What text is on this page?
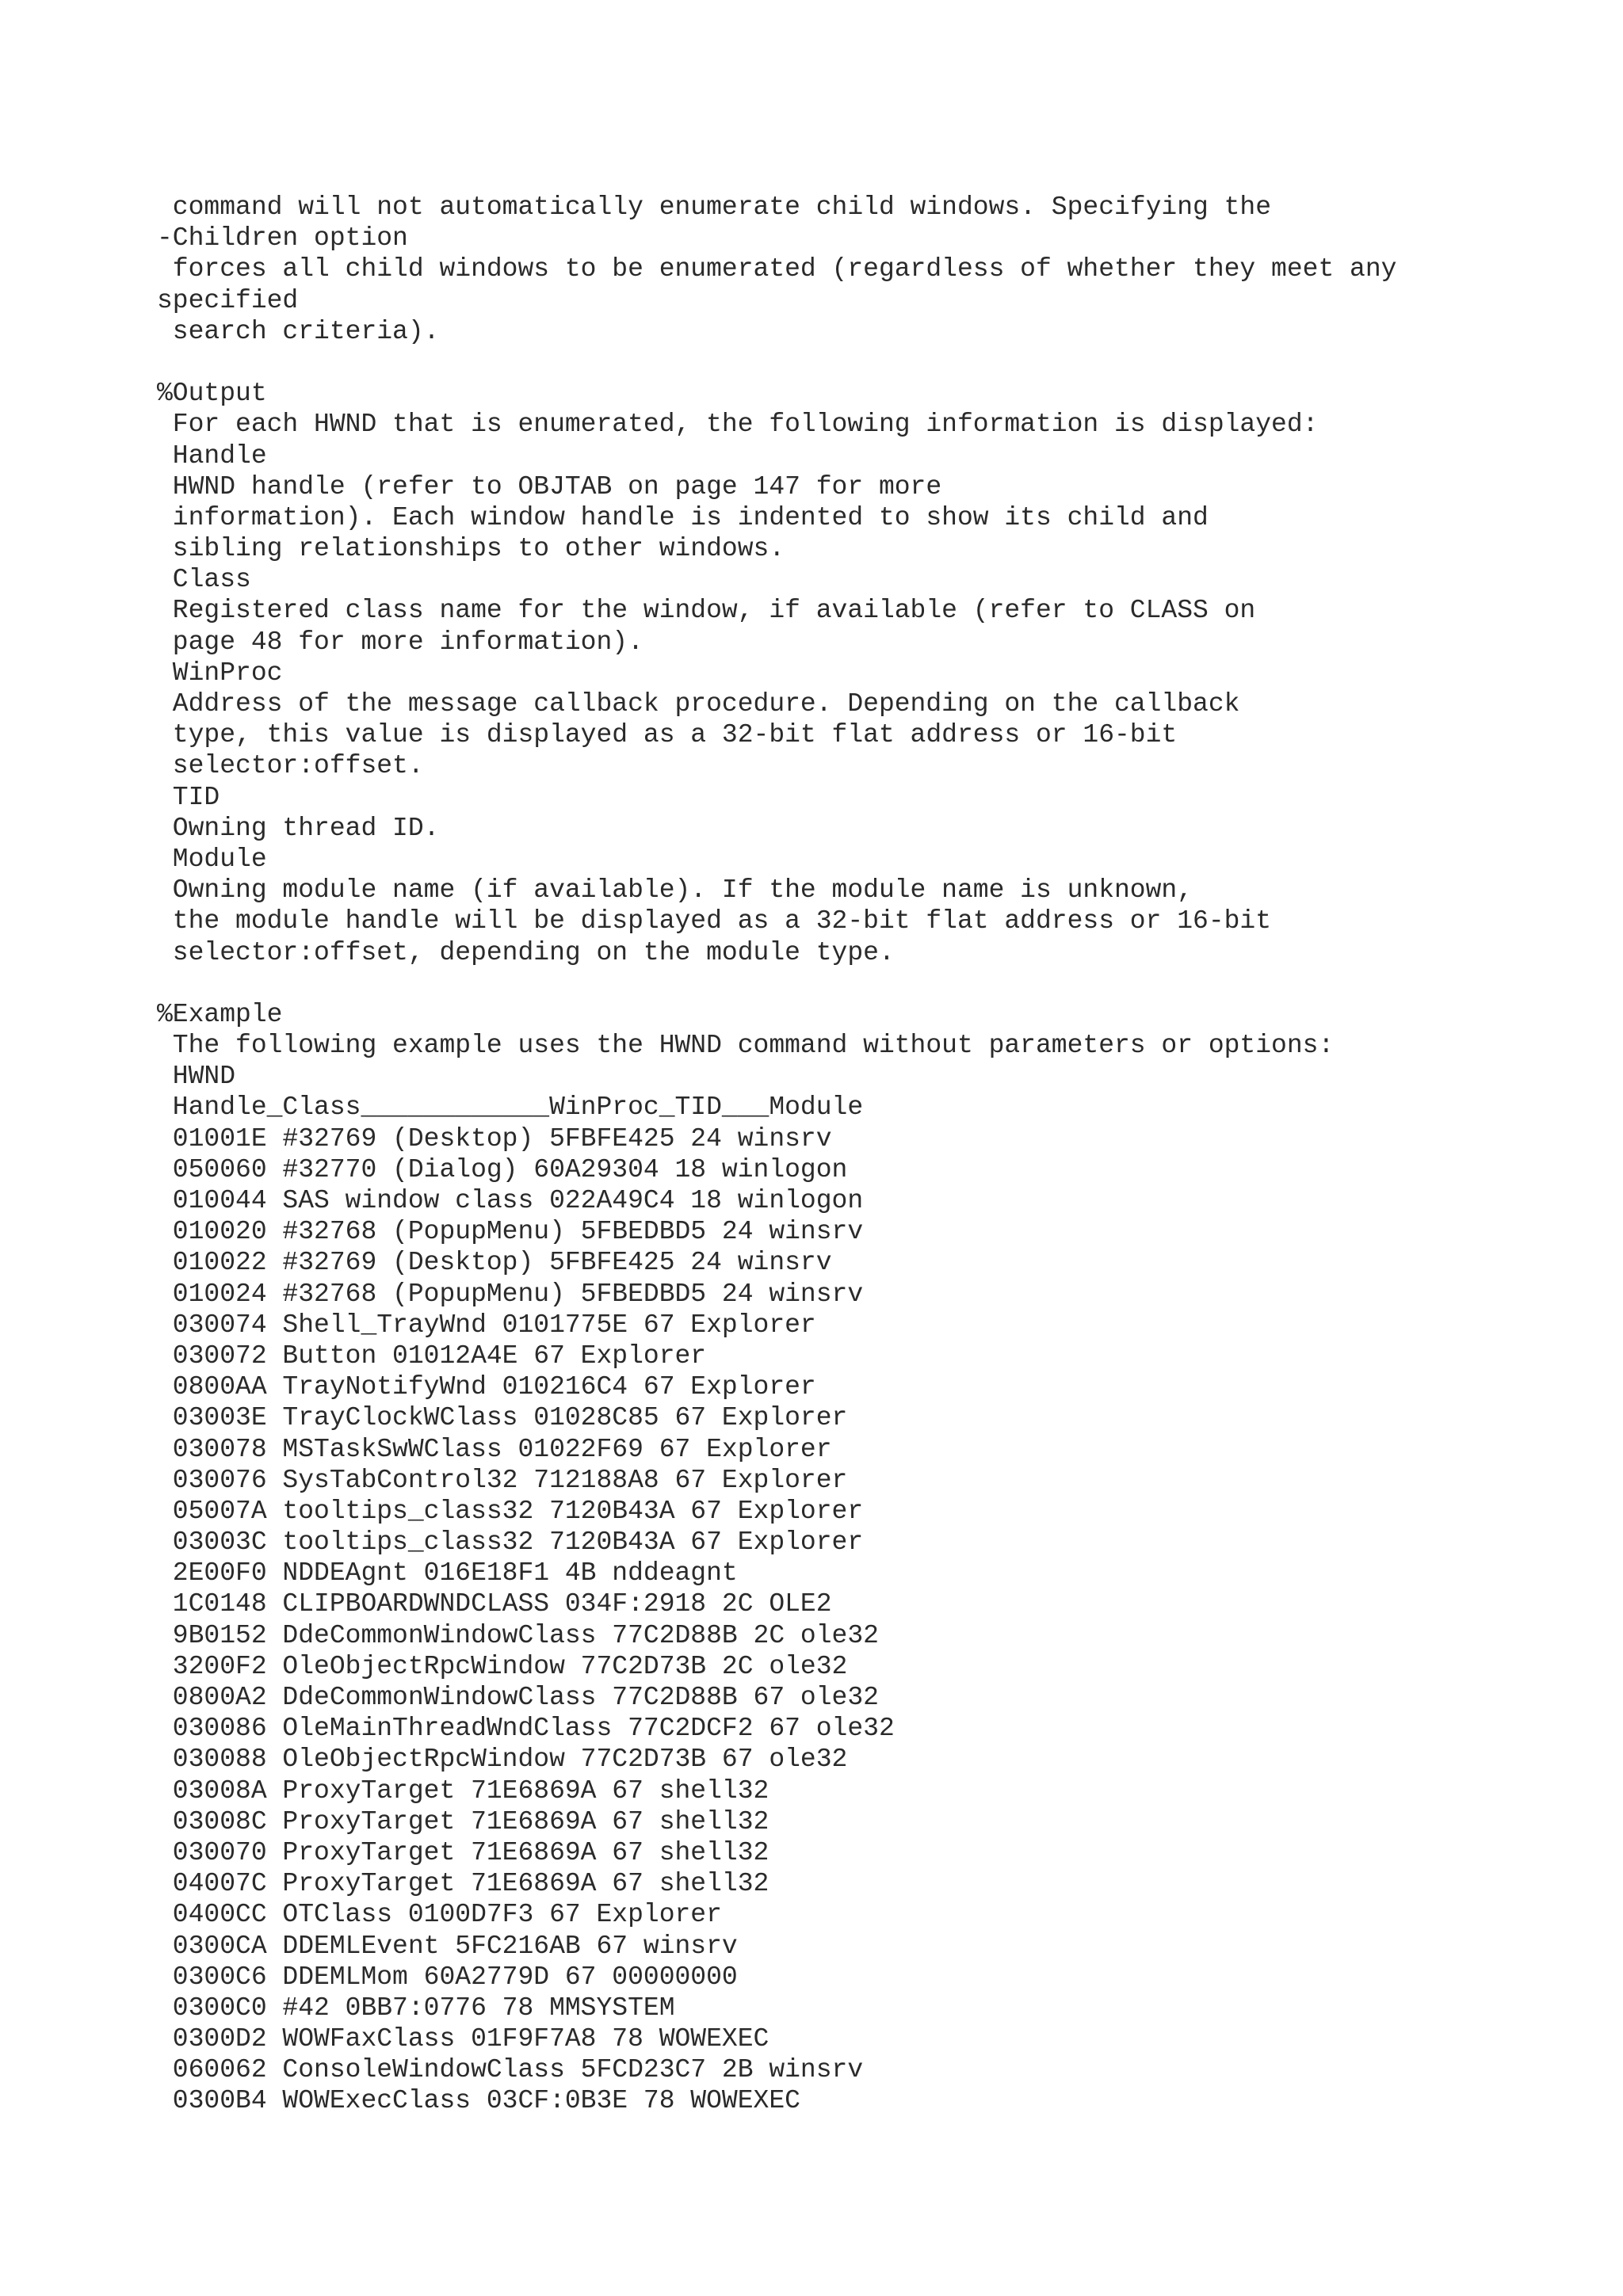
command will not automatically enumerate child windows. Specifying the
-Children option
forces all child windows to be enumerated (regardless of whether they meet any
specified
search criteria).
%Output
For each HWND that is enumerated, the following information is displayed:
Handle
HWND handle (refer to OBJTAB on page 147 for more
information). Each window handle is indented to show its child and
sibling relationships to other windows.
Class
Registered class name for the window, if available (refer to CLASS on
page 48 for more information).
WinProc
Address of the message callback procedure. Depending on the callback
type, this value is displayed as a 32-bit flat address or 16-bit
selector:offset.
TID
Owning thread ID.
Module
Owning module name (if available). If the module name is unknown,
the module handle will be displayed as a 32-bit flat address or 16-bit
selector:offset, depending on the module type.
%Example
The following example uses the HWND command without parameters or options:
HWND
Handle_Class____________WinProc_TID___Module
01001E #32769 (Desktop) 5FBFE425 24 winsrv
050060 #32770 (Dialog) 60A29304 18 winlogon
010044 SAS window class 022A49C4 18 winlogon
010020 #32768 (PopupMenu) 5FBEDBD5 24 winsrv
010022 #32769 (Desktop) 5FBFE425 24 winsrv
010024 #32768 (PopupMenu) 5FBEDBD5 24 winsrv
030074 Shell_TrayWnd 0101775E 67 Explorer
030072 Button 01012A4E 67 Explorer
0800AA TrayNotifyWnd 010216C4 67 Explorer
03003E TrayClockWClass 01028C85 67 Explorer
030078 MSTaskSwWClass 01022F69 67 Explorer
030076 SysTabControl32 712188A8 67 Explorer
05007A tooltips_class32 7120B43A 67 Explorer
03003C tooltips_class32 7120B43A 67 Explorer
2E00F0 NDDEAgnt 016E18F1 4B nddeagnt
1C0148 CLIPBOARDWNDCLASS 034F:2918 2C OLE2
9B0152 DdeCommonWindowClass 77C2D88B 2C ole32
3200F2 OleObjectRpcWindow 77C2D73B 2C ole32
0800A2 DdeCommonWindowClass 77C2D88B 67 ole32
030086 OleMainThreadWndClass 77C2DCF2 67 ole32
030088 OleObjectRpcWindow 77C2D73B 67 ole32
03008A ProxyTarget 71E6869A 67 shell32
03008C ProxyTarget 71E6869A 67 shell32
030070 ProxyTarget 71E6869A 67 shell32
04007C ProxyTarget 71E6869A 67 shell32
0400CC OTClass 0100D7F3 67 Explorer
0300CA DDEMLEvent 5FC216AB 67 winsrv
0300C6 DDEMLMom 60A2779D 67 00000000
0300C0 #42 0BB7:0776 78 MMSYSTEM
0300D2 WOWFaxClass 01F9F7A8 78 WOWEXEC
060062 ConsoleWindowClass 5FCD23C7 2B winsrv
0300B4 WOWExecClass 03CF:0B3E 78 WOWEXEC
